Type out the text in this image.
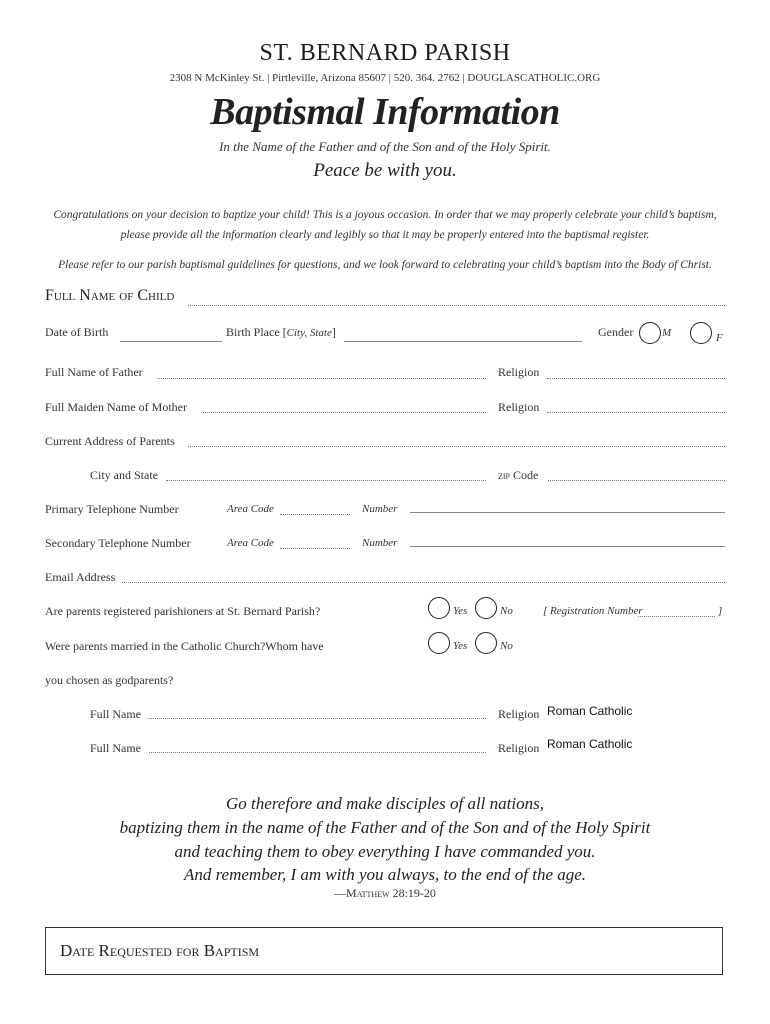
ST. BERNARD PARISH
2308 N McKinley St. | Pirtleville, Arizona 85607 | 520. 364. 2762 | DOUGLASCATHOLIC.ORG
Baptismal Information
In the Name of the Father and of the Son and of the Holy Spirit.
Peace be with you.
Congratulations on your decision to baptize your child! This is a joyous occasion. In order that we may properly celebrate your child’s baptism, please provide all the information clearly and legibly so that it may be properly entered into the baptismal register.
Please refer to our parish baptismal guidelines for questions, and we look forward to celebrating your child’s baptism into the Body of Christ.
Full Name of Child
Date of Birth	Birth Place [City, State]	Gender	M	F
Full Name of Father	Religion
Full Maiden Name of Mother	Religion
Current Address of Parents
City and State	zip Code
Primary Telephone Number	Area Code	Number
Secondary Telephone Number	Area Code	Number
Email Address
Are parents registered parishioners at St. Bernard Parish?	Yes	No	[ Registration Number	]
Were parents married in the Catholic Church?Whom have	Yes	No
you chosen as godparents?
Full Name	Religion Roman Catholic
Full Name	Religion Roman Catholic
Go therefore and make disciples of all nations,
baptizing them in the name of the Father and of the Son and of the Holy Spirit
and teaching them to obey everything I have commanded you.
And remember, I am with you always, to the end of the age.
—Matthew 28:19-20
Date Requested for Baptism
